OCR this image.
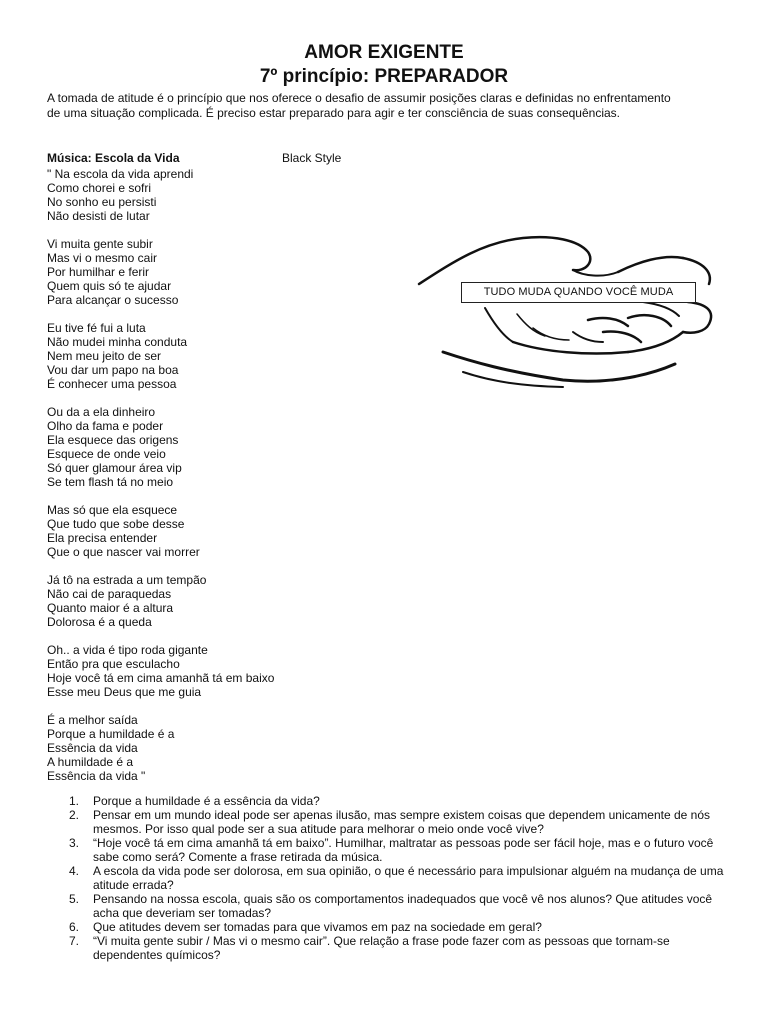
AMOR EXIGENTE
7º princípio: PREPARADOR
A tomada de atitude é o princípio que nos oferece o desafio de assumir posições claras e definidas no enfrentamento de uma situação complicada. É preciso estar preparado para agir e ter consciência de suas consequências.
Música: Escola da Vida	Black Style
" Na escola da vida aprendi
Como chorei e sofri
No sonho eu persisti
Não desisti de lutar
Vi muita gente subir
Mas vi o mesmo cair
Por humilhar e ferir
Quem quis só te ajudar
Para alcançar o sucesso
Eu tive fé fui a luta
Não mudei minha conduta
Nem meu jeito de ser
Vou dar um papo na boa
É conhecer uma pessoa
Ou da a ela dinheiro
Olho da fama e poder
Ela esquece das origens
Esquece de onde veio
Só quer glamour área vip
Se tem flash tá no meio
Mas só que ela esquece
Que tudo que sobe desse
Ela precisa entender
Que o que nascer vai morrer
Já tô na estrada a um tempão
Não cai de paraquedas
Quanto maior é a altura
Dolorosa é a queda
Oh.. a vida é tipo roda gigante
Então pra que esculacho
Hoje você tá em cima amanhã tá em baixo
Esse meu Deus que me guia
É a melhor saída
Porque a humildade é a
Essência da vida
A humildade é a
Essência da vida "
TUDO MUDA QUANDO VOCÊ MUDA
1. Porque a humildade é a essência da vida?
2. Pensar em um mundo ideal pode ser apenas ilusão, mas sempre existem coisas que dependem unicamente de nós mesmos. Por isso qual pode ser a sua atitude para melhorar o meio onde você vive?
3. “Hoje você tá em cima amanhã tá em baixo”. Humilhar, maltratar as pessoas pode ser fácil hoje, mas e o futuro você sabe como será? Comente a frase retirada da música.
4. A escola da vida pode ser dolorosa, em sua opinião, o que é necessário para impulsionar alguém na mudança de uma atitude errada?
5. Pensando na nossa escola, quais são os comportamentos inadequados que você vê nos alunos? Que atitudes você acha que deveriam ser tomadas?
6. Que atitudes devem ser tomadas para que vivamos em paz na sociedade em geral?
7. “Vi muita gente subir / Mas vi o mesmo cair”. Que relação a frase pode fazer com as pessoas que tornam-se dependentes químicos?
